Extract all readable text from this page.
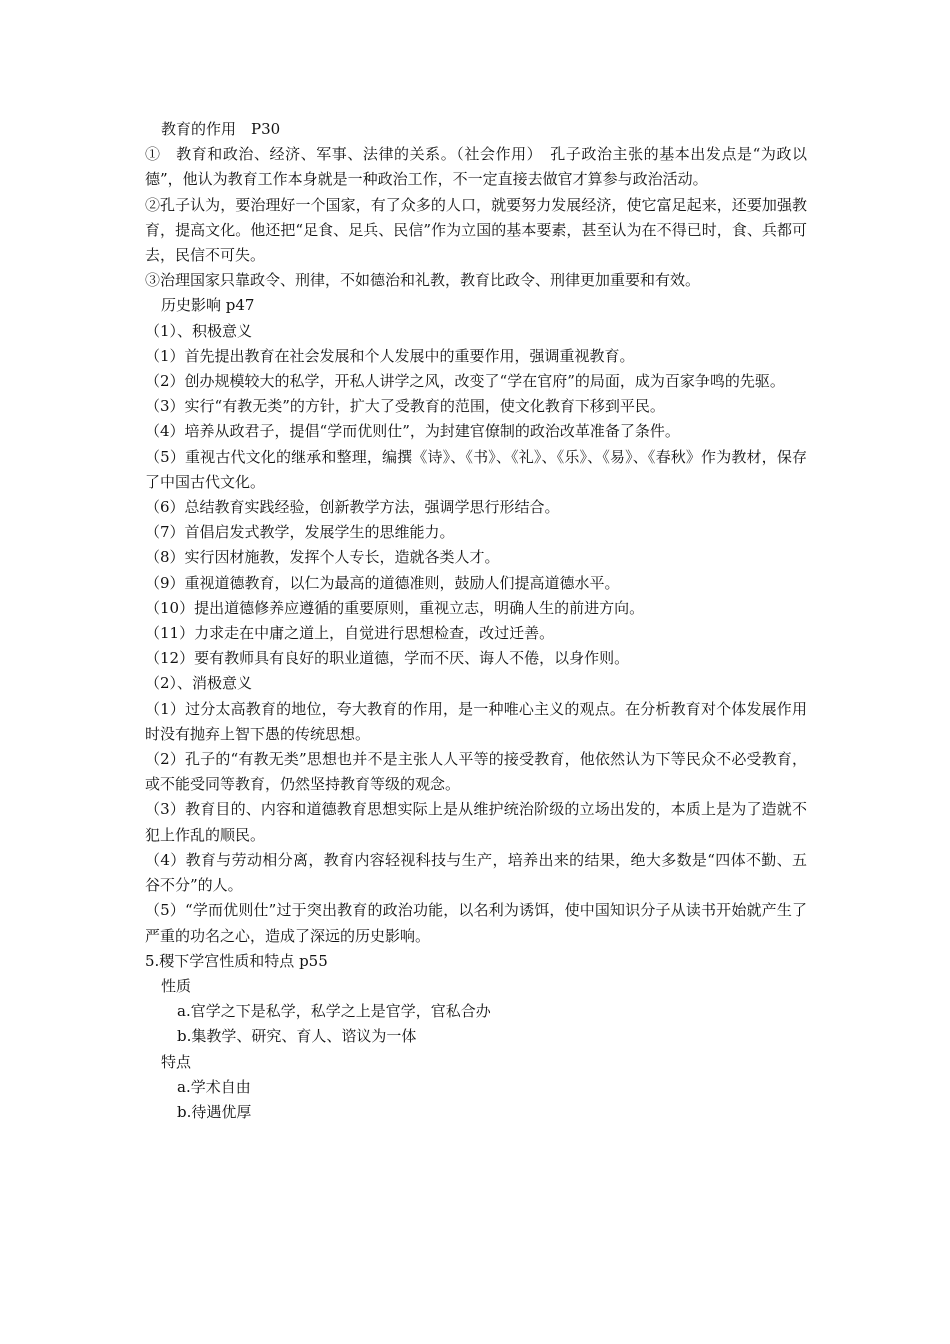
教育的作用　P30

①　教育和政治、经济、军事、法律的关系。（社会作用）　孔子政治主张的基本出发点是“为政以德”，他认为教育工作本身就是一种政治工作，不一定直接去做官才算参与政治活动。

②孔子认为，要治理好一个国家，有了众多的人口，就要努力发展经济，使它富足起来，还要加强教育，提高文化。他还把“足食、足兵、民信”作为立国的基本要素，甚至认为在不得已时，食、兵都可去，民信不可失。

③治理国家只靠政令、刑律，不如德治和礼教，教育比政令、刑律更加重要和有效。

历史影响 p47

（1）、积极意义

（1）首先提出教育在社会发展和个人发展中的重要作用，强调重视教育。

（2）创办规模较大的私学，开私人讲学之风，改变了“学在官府”的局面，成为百家争鸣的先驱。

（3）实行“有教无类”的方针，扩大了受教育的范围，使文化教育下移到平民。

（4）培养从政君子，提倡“学而优则仕”，为封建官僚制的政治改革准备了条件。

（5）重视古代文化的继承和整理，编撰《诗》、《书》、《礼》、《乐》、《易》、《春秋》作为教材，保存了中国古代文化。

（6）总结教育实践经验，创新教学方法，强调学思行形结合。

（7）首倡启发式教学，发展学生的思维能力。

（8）实行因材施教，发挥个人专长，造就各类人才。

（9）重视道德教育，以仁为最高的道德准则，鼓励人们提高道德水平。

（10）提出道德修养应遵循的重要原则，重视立志，明确人生的前进方向。

（11）力求走在中庸之道上，自觉进行思想检查，改过迁善。

（12）要有教师具有良好的职业道德，学而不厌、诲人不倦，以身作则。

（2）、消极意义

（1）过分太高教育的地位，夸大教育的作用，是一种唯心主义的观点。在分析教育对个体发展作用时没有抛弃上智下愚的传统思想。

（2）孔子的“有教无类”思想也并不是主张人人平等的接受教育，他依然认为下等民众不必受教育，或不能受同等教育，仍然坚持教育等级的观念。

（3）教育目的、内容和道德教育思想实际上是从维护统治阶级的立场出发的，本质上是为了造就不犯上作乱的顺民。

（4）教育与劳动相分离，教育内容轻视科技与生产，培养出来的结果，绝大多数是“四体不勤、五谷不分”的人。

（5）“学而优则仕”过于突出教育的政治功能，以名利为诱饵，使中国知识分子从读书开始就产生了严重的功名之心，造成了深远的历史影响。

5.稷下学宫性质和特点 p55

性质

a.官学之下是私学，私学之上是官学，官私合办

b.集教学、研究、育人、谘议为一体

特点

a.学术自由

b.待遇优厚
